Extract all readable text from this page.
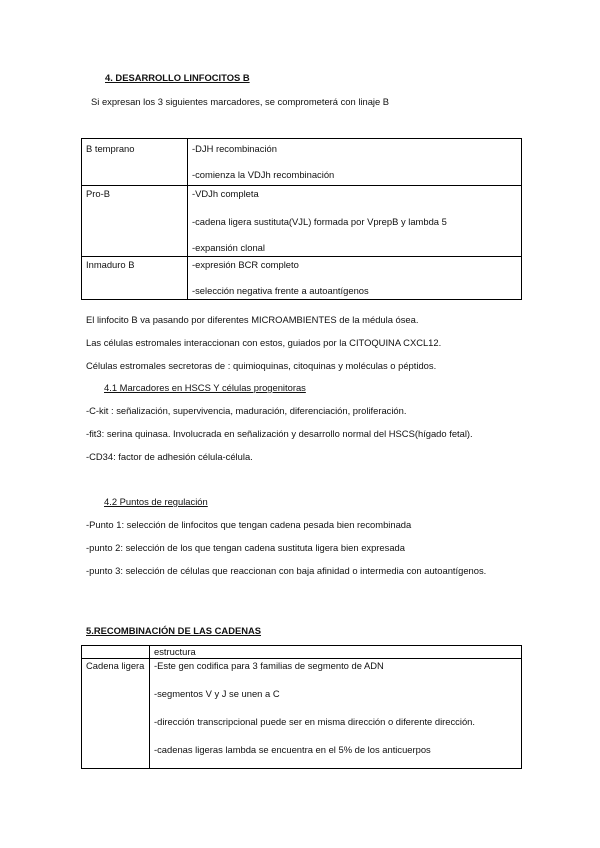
4. DESARROLLO LINFOCITOS B
Si expresan los 3 siguientes marcadores, se comprometerá con linaje B
B temprano	-DJH recombinación
-comienza la VDJh recombinación

Pro-B	-VDJh completa
-cadena ligera sustituta(VJL) formada por VprepB y lambda 5
-expansión clonal

Inmaduro B	-expresión BCR completo
-selección negativa frente a autoantígenos
El linfocito B va pasando por diferentes MICROAMBIENTES de la médula ósea.
Las células estromales interaccionan con estos, guiados por la CITOQUINA CXCL12.
Células estromales secretoras de : quimioquinas, citoquinas y moléculas o péptidos.
4.1 Marcadores en HSCS Y células progenitoras
-C-kit : señalización, supervivencia, maduración, diferenciación, proliferación.
-fit3: serina quinasa. Involucrada en señalización y desarrollo normal del HSCS(hígado fetal).
-CD34: factor de adhesión célula-célula.
4.2 Puntos de regulación
-Punto 1: selección de linfocitos que tengan cadena pesada bien recombinada
-punto 2: selección de los que tengan cadena sustituta ligera bien expresada
-punto 3: selección de células que reaccionan con baja afinidad o intermedia con autoantígenos.
5.RECOMBINACIÓN DE LAS CADENAS
	estructura
Cadena ligera	-Este gen codifica para 3 familias de segmento de ADN
-segmentos V y J se unen a C
-dirección transcripcional puede ser en misma dirección o diferente dirección.
-cadenas ligeras lambda se encuentra en el 5% de los anticuerpos
